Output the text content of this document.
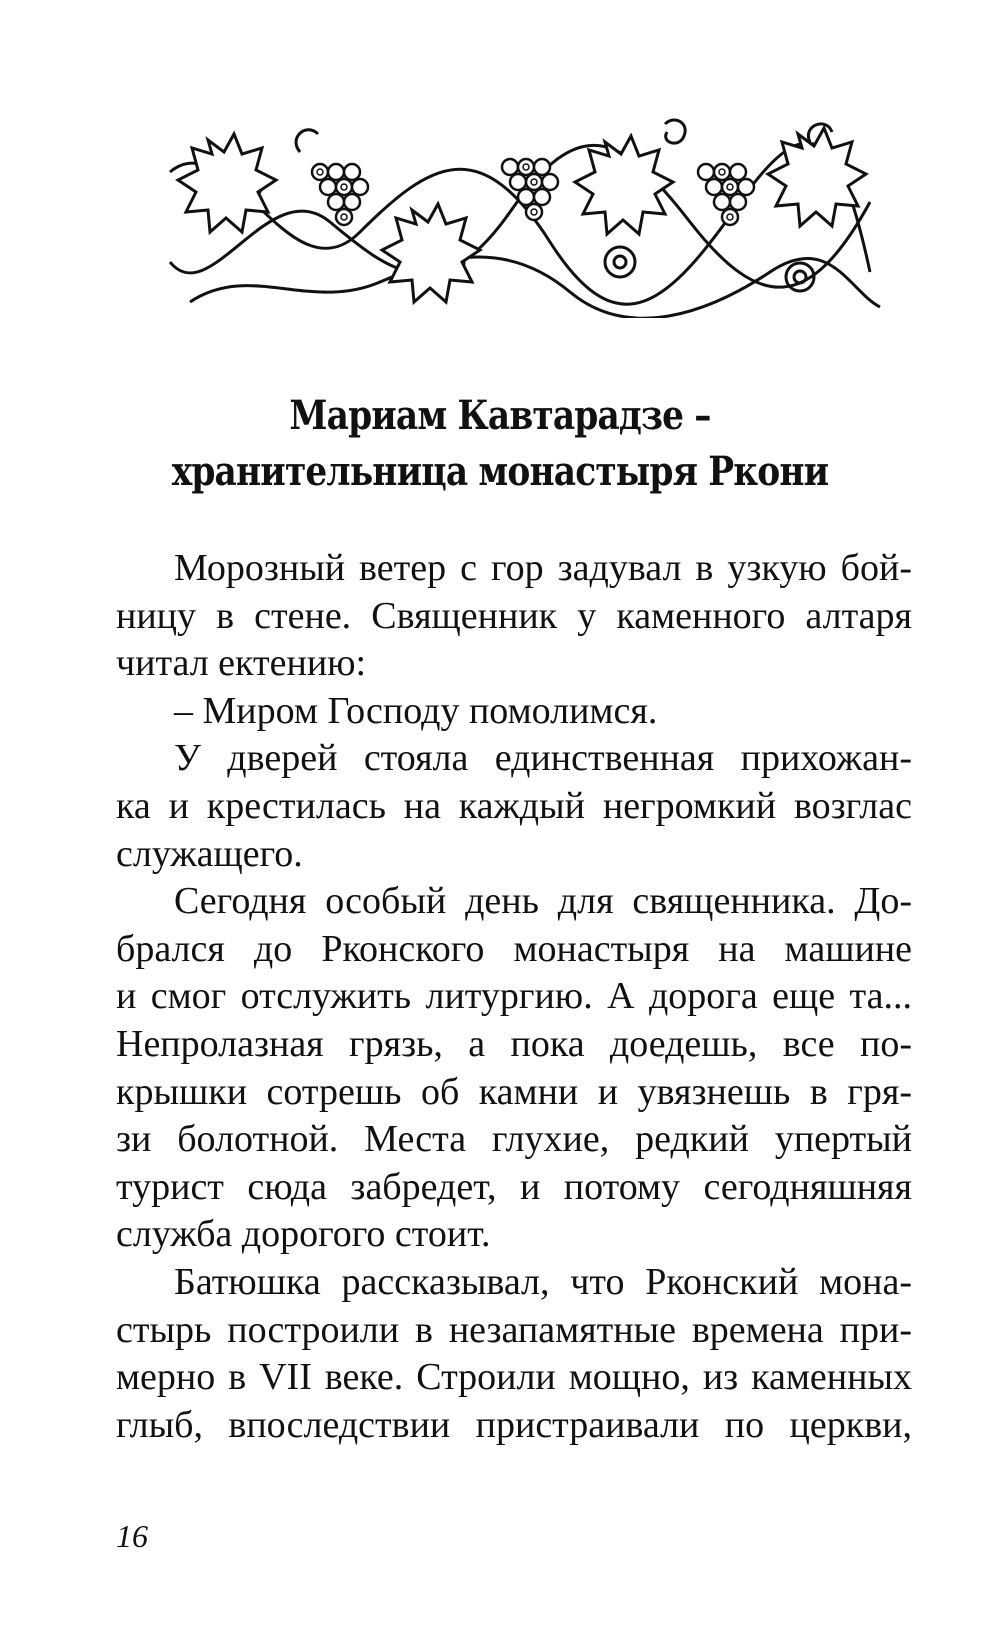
Мариам Кавтарадзе –
хранительница монастыря Ркони
Морозный ветер с гор задувал в узкую бой-
ницу в стене. Священник у каменного алтаря
читал ектению:
– Миром Господу помолимся.
У дверей стояла единственная прихожан-
ка и крестилась на каждый негромкий возглас
служащего.
Сегодня особый день для священника. До-
брался до Рконского монастыря на машине
и смог отслужить литургию. А дорога еще та...
Непролазная грязь, а пока доедешь, все по-
крышки сотрешь об камни и увязнешь в гря-
зи болотной. Места глухие, редкий упертый
турист сюда забредет, и потому сегодняшняя
служба дорогого стоит.
Батюшка рассказывал, что Рконский мона-
стырь построили в незапамятные времена при-
мерно в VII веке. Строили мощно, из каменных
глыб, впоследствии пристраивали по церкви,
16
